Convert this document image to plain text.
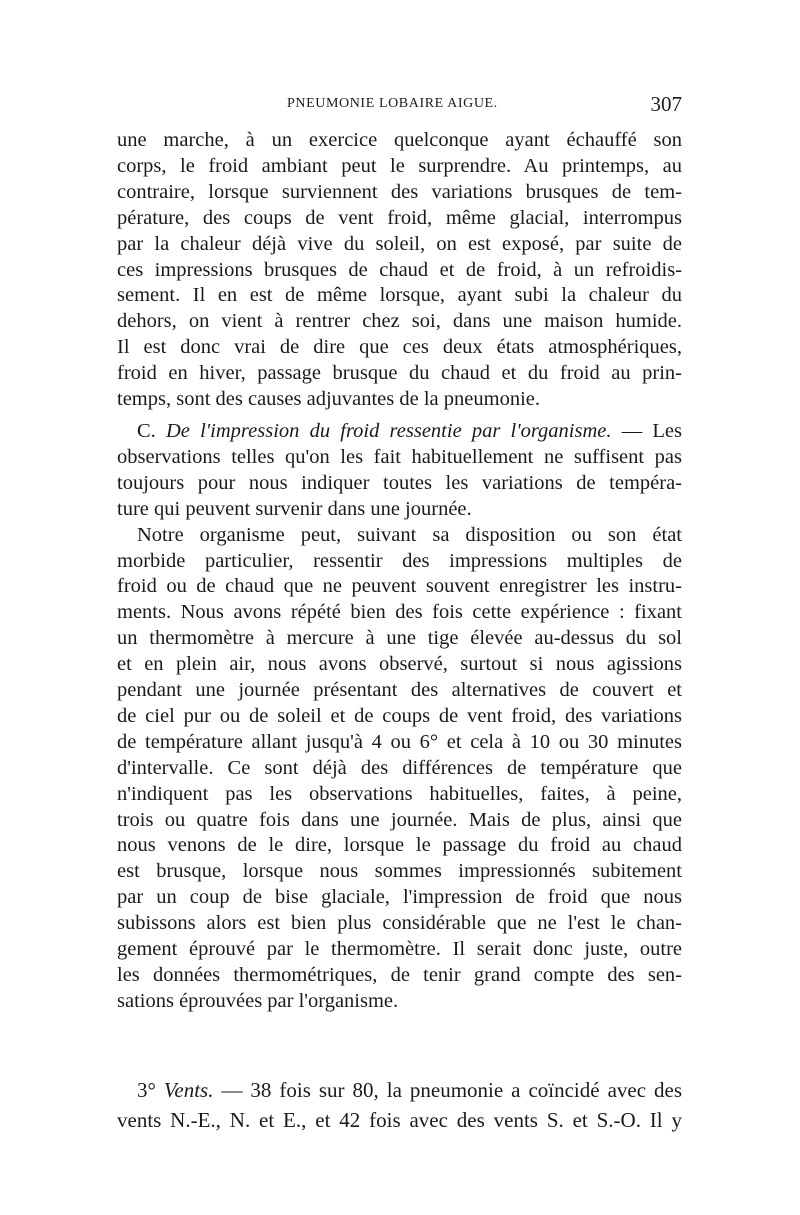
PNEUMONIE LOBAIRE AIGUE.	307
une marche, à un exercice quelconque ayant échauffé son
corps, le froid ambiant peut le surprendre. Au printemps, au
contraire, lorsque surviennent des variations brusques de tem-
pérature, des coups de vent froid, même glacial, interrompus
par la chaleur déjà vive du soleil, on est exposé, par suite de
ces impressions brusques de chaud et de froid, à un refroidis-
sement. Il en est de même lorsque, ayant subi la chaleur du
dehors, on vient à rentrer chez soi, dans une maison humide.
Il est donc vrai de dire que ces deux états atmosphériques,
froid en hiver, passage brusque du chaud et du froid au prin-
temps, sont des causes adjuvantes de la pneumonie.
C. De l'impression du froid ressentie par l'organisme. — Les
observations telles qu'on les fait habituellement ne suffisent pas
toujours pour nous indiquer toutes les variations de tempéra-
ture qui peuvent survenir dans une journée.
Notre organisme peut, suivant sa disposition ou son état
morbide particulier, ressentir des impressions multiples de
froid ou de chaud que ne peuvent souvent enregistrer les instru-
ments. Nous avons répété bien des fois cette expérience : fixant
un thermomètre à mercure à une tige élevée au-dessus du sol
et en plein air, nous avons observé, surtout si nous agissions
pendant une journée présentant des alternatives de couvert et
de ciel pur ou de soleil et de coups de vent froid, des variations
de température allant jusqu'à 4 ou 6° et cela à 10 ou 30 minutes
d'intervalle. Ce sont déjà des différences de température que
n'indiquent pas les observations habituelles, faites, à peine,
trois ou quatre fois dans une journée. Mais de plus, ainsi que
nous venons de le dire, lorsque le passage du froid au chaud
est brusque, lorsque nous sommes impressionnés subitement
par un coup de bise glaciale, l'impression de froid que nous
subissons alors est bien plus considérable que ne l'est le chan-
gement éprouvé par le thermomètre. Il serait donc juste, outre
les données thermométriques, de tenir grand compte des sen-
sations éprouvées par l'organisme.
3° Vents. — 38 fois sur 80, la pneumonie a coïncidé avec des
vents N.-E., N. et E., et 42 fois avec des vents S. et S.-O. Il y
